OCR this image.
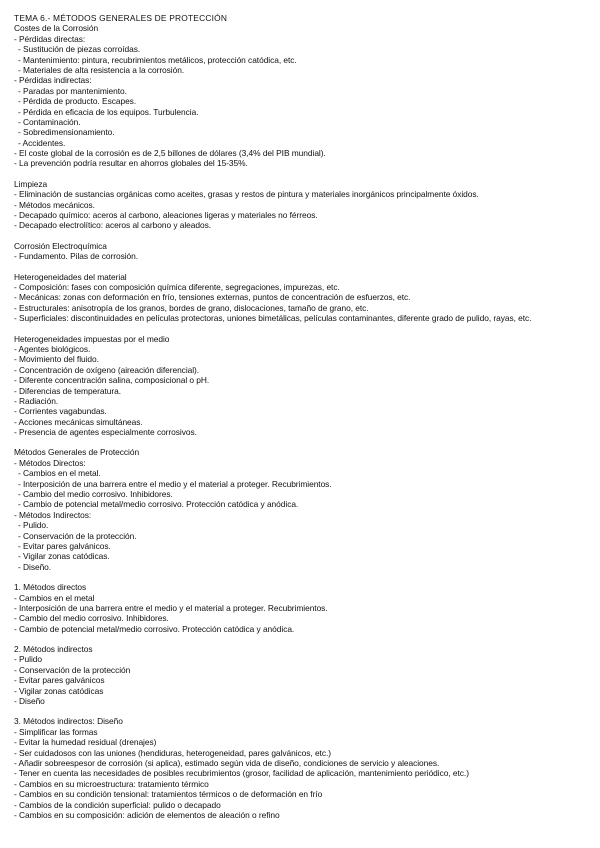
TEMA 6.- MÉTODOS GENERALES DE PROTECCIÓN
Costes de la Corrosión
- Pérdidas directas:
- Sustitución de piezas corroídas.
- Mantenimiento: pintura, recubrimientos metálicos, protección catódica, etc.
- Materiales de alta resistencia a la corrosión.
- Pérdidas indirectas:
- Paradas por mantenimiento.
- Pérdida de producto. Escapes.
- Pérdida en eficacia de los equipos. Turbulencia.
- Contaminación.
- Sobredimensionamiento.
- Accidentes.
- El coste global de la corrosión es de 2,5 billones de dólares (3,4% del PIB mundial).
- La prevención podría resultar en ahorros globales del 15-35%.
Limpieza
- Eliminación de sustancias orgánicas como aceites, grasas y restos de pintura y materiales inorgánicos principalmente óxidos.
- Métodos mecánicos.
- Decapado químico: aceros al carbono, aleaciones ligeras y materiales no férreos.
- Decapado electrolítico: aceros al carbono y aleados.
Corrosión Electroquímica
- Fundamento. Pilas de corrosión.
Heterogeneidades del material
- Composición: fases con composición química diferente, segregaciones, impurezas, etc.
- Mecánicas: zonas con deformación en frío, tensiones externas, puntos de concentración de esfuerzos, etc.
- Estructurales: anisotropía de los granos, bordes de grano, dislocaciones, tamaño de grano, etc.
- Superficiales: discontinuidades en películas protectoras, uniones bimetálicas, películas contaminantes, diferente grado de pulido, rayas, etc.
Heterogeneidades impuestas por el medio
- Agentes biológicos.
- Movimiento del fluido.
- Concentración de oxígeno (aireación diferencial).
- Diferente concentración salina, composicional o pH.
- Diferencias de temperatura.
- Radiación.
- Corrientes vagabundas.
- Acciones mecánicas simultáneas.
- Presencia de agentes especialmente corrosivos.
Métodos Generales de Protección
- Métodos Directos:
- Cambios en el metal.
- Interposición de una barrera entre el medio y el material a proteger. Recubrimientos.
- Cambio del medio corrosivo. Inhibidores.
- Cambio de potencial metal/medio corrosivo. Protección catódica y anódica.
- Métodos Indirectos:
- Pulido.
- Conservación de la protección.
- Evitar pares galvánicos.
- Vigilar zonas catódicas.
- Diseño.
1. Métodos directos
- Cambios en el metal
- Interposición de una barrera entre el medio y el material a proteger. Recubrimientos.
- Cambio del medio corrosivo. Inhibidores.
- Cambio de potencial metal/medio corrosivo. Protección catódica y anódica.
2. Métodos indirectos
- Pulido
- Conservación de la protección
- Evitar pares galvánicos
- Vigilar zonas catódicas
- Diseño
3. Métodos indirectos: Diseño
- Simplificar las formas
- Evitar la humedad residual (drenajes)
- Ser cuidadosos con las uniones (hendiduras, heterogeneidad, pares galvánicos, etc.)
- Añadir sobreespesor de corrosión (si aplica), estimado según vida de diseño, condiciones de servicio y aleaciones.
- Tener en cuenta las necesidades de posibles recubrimientos (grosor, facilidad de aplicación, mantenimiento periódico, etc.)
- Cambios en su microestructura: tratamiento térmico
- Cambios en su condición tensional: tratamientos térmicos o de deformación en frío
- Cambios de la condición superficial: pulido o decapado
- Cambios en su composición: adición de elementos de aleación o refino
